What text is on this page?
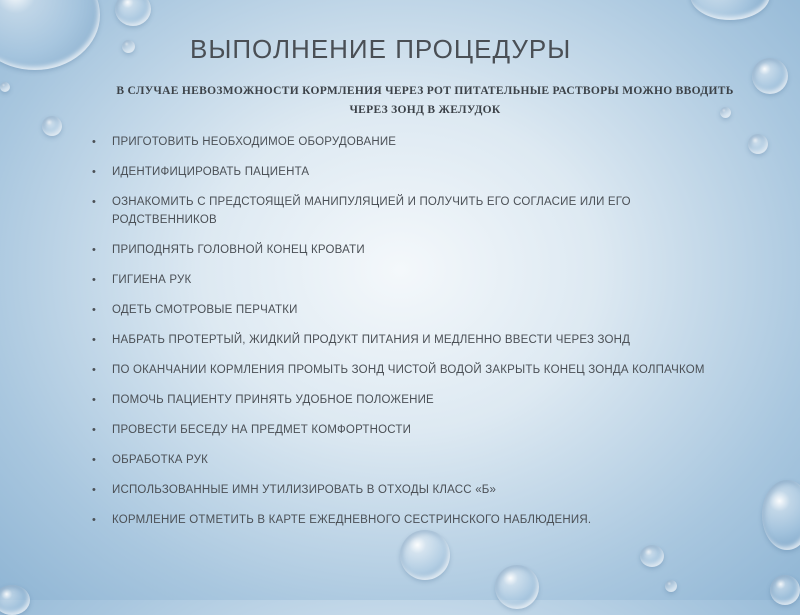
ВЫПОЛНЕНИЕ ПРОЦЕДУРЫ
В СЛУЧАЕ НЕВОЗМОЖНОСТИ КОРМЛЕНИЯ ЧЕРЕЗ РОТ ПИТАТЕЛЬНЫЕ РАСТВОРЫ МОЖНО ВВОДИТЬ ЧЕРЕЗ ЗОНД В ЖЕЛУДОК
• ПРИГОТОВИТЬ НЕОБХОДИМОЕ ОБОРУДОВАНИЕ
• ИДЕНТИФИЦИРОВАТЬ ПАЦИЕНТА
• ОЗНАКОМИТЬ С ПРЕДСТОЯЩЕЙ МАНИПУЛЯЦИЕЙ И ПОЛУЧИТЬ ЕГО СОГЛАСИЕ ИЛИ ЕГО РОДСТВЕННИКОВ
• ПРИПОДНЯТЬ ГОЛОВНОЙ КОНЕЦ КРОВАТИ
• ГИГИЕНА РУК
• ОДЕТЬ СМОТРОВЫЕ ПЕРЧАТКИ
• НАБРАТЬ ПРОТЕРТЫЙ, ЖИДКИЙ ПРОДУКТ ПИТАНИЯ И МЕДЛЕННО ВВЕСТИ ЧЕРЕЗ ЗОНД
• ПО ОКАНЧАНИИ КОРМЛЕНИЯ ПРОМЫТЬ ЗОНД ЧИСТОЙ ВОДОЙ ЗАКРЫТЬ КОНЕЦ ЗОНДА КОЛПАЧКОМ
• ПОМОЧЬ ПАЦИЕНТУ ПРИНЯТЬ УДОБНОЕ ПОЛОЖЕНИЕ
• ПРОВЕСТИ БЕСЕДУ НА ПРЕДМЕТ КОМФОРТНОСТИ
• ОБРАБОТКА РУК
• ИСПОЛЬЗОВАННЫЕ ИМН УТИЛИЗИРОВАТЬ В ОТХОДЫ КЛАСС «Б»
• КОРМЛЕНИЕ ОТМЕТИТЬ В КАРТЕ ЕЖЕДНЕВНОГО СЕСТРИНСКОГО НАБЛЮДЕНИЯ.
